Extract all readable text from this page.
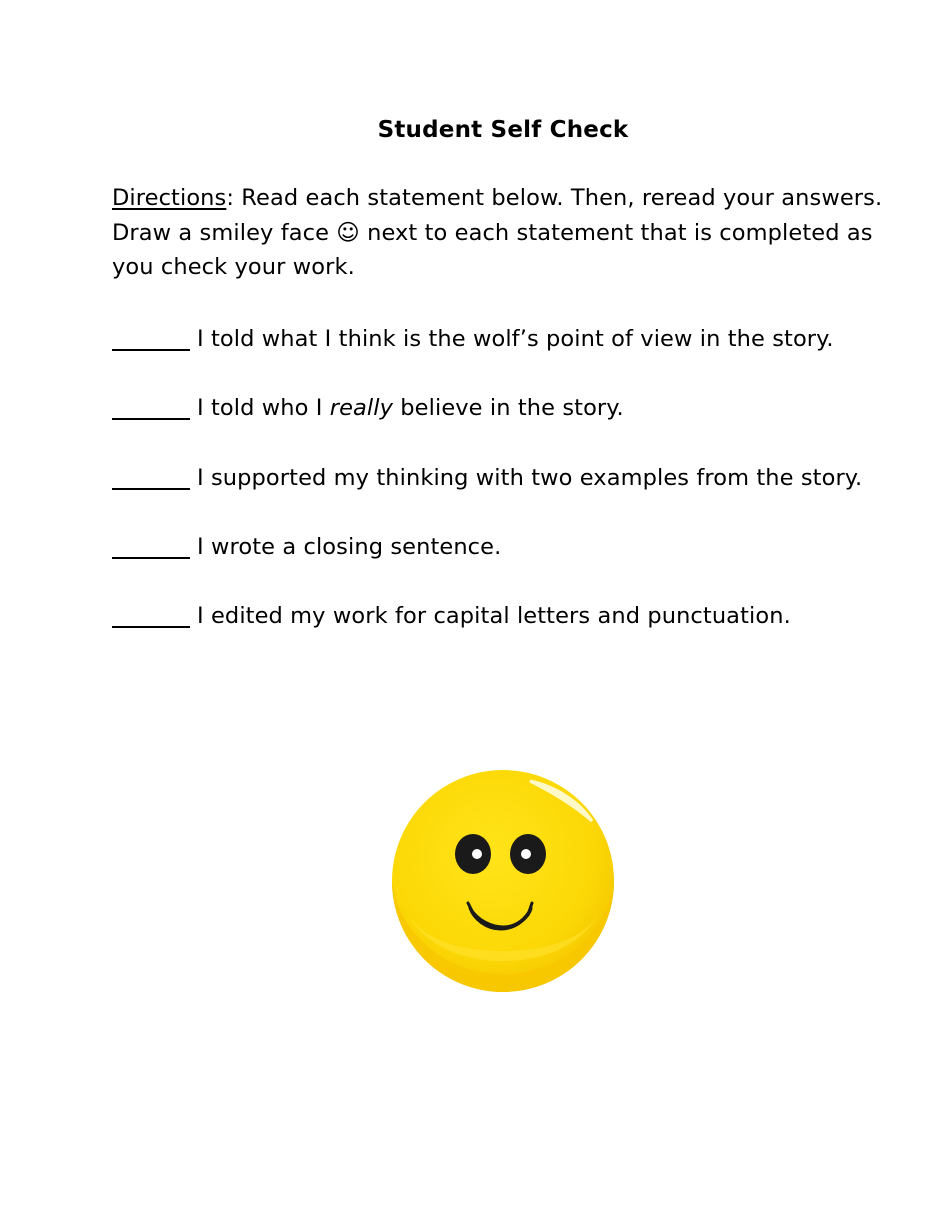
Student Self Check
Directions: Read each statement below. Then, reread your answers.
Draw a smiley face ☺ next to each statement that is completed as
you check your work.
I told what I think is the wolf’s point of view in the story.
I told who I really believe in the story.
I supported my thinking with two examples from the story.
I wrote a closing sentence.
I edited my work for capital letters and punctuation.
